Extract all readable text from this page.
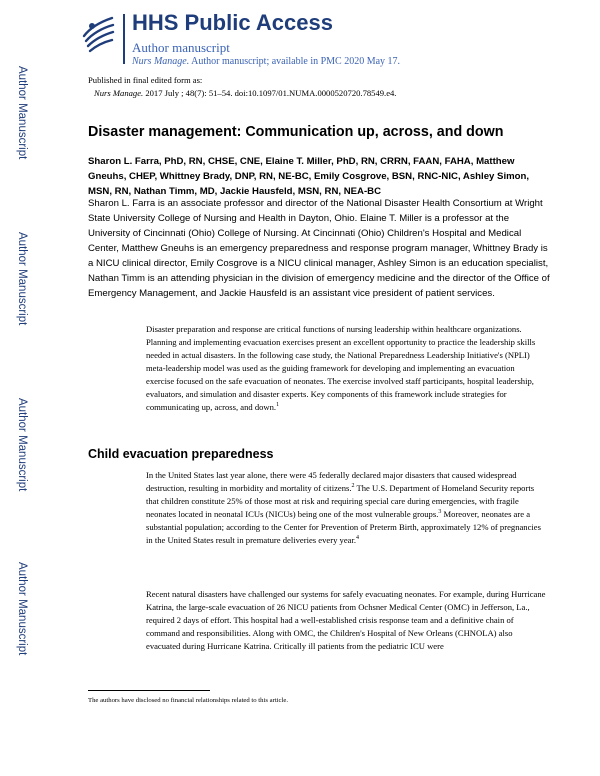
Author Manuscript
Author Manuscript
Author Manuscript
Author Manuscript
HHS Public Access
Author manuscript
Nurs Manage. Author manuscript; available in PMC 2020 May 17.
Published in final edited form as:
Nurs Manage. 2017 July ; 48(7): 51–54. doi:10.1097/01.NUMA.0000520720.78549.e4.
Disaster management: Communication up, across, and down
Sharon L. Farra, PhD, RN, CHSE, CNE, Elaine T. Miller, PhD, RN, CRRN, FAAN, FAHA, Matthew Gneuhs, CHEP, Whittney Brady, DNP, RN, NE-BC, Emily Cosgrove, BSN, RNC-NIC, Ashley Simon, MSN, RN, Nathan Timm, MD, Jackie Hausfeld, MSN, RN, NEA-BC
Sharon L. Farra is an associate professor and director of the National Disaster Health Consortium at Wright State University College of Nursing and Health in Dayton, Ohio. Elaine T. Miller is a professor at the University of Cincinnati (Ohio) College of Nursing. At Cincinnati (Ohio) Children's Hospital and Medical Center, Matthew Gneuhs is an emergency preparedness and response program manager, Whittney Brady is a NICU clinical director, Emily Cosgrove is a NICU clinical manager, Ashley Simon is an education specialist, Nathan Timm is an attending physician in the division of emergency medicine and the director of the Office of Emergency Management, and Jackie Hausfeld is an assistant vice president of patient services.
Disaster preparation and response are critical functions of nursing leadership within healthcare organizations. Planning and implementing evacuation exercises present an excellent opportunity to practice the leadership skills needed in actual disasters. In the following case study, the National Preparedness Leadership Initiative's (NPLI) meta-leadership model was used as the guiding framework for developing and implementing an evacuation exercise focused on the safe evacuation of neonates. The exercise involved staff participants, hospital leadership, evaluators, and simulation and disaster experts. Key components of this framework include strategies for communicating up, across, and down.$^1$
Child evacuation preparedness
In the United States last year alone, there were 45 federally declared major disasters that caused widespread destruction, resulting in morbidity and mortality of citizens.$^2$ The U.S. Department of Homeland Security reports that children constitute 25% of those most at risk and requiring special care during emergencies, with fragile neonates located in neonatal ICUs (NICUs) being one of the most vulnerable groups.$^3$ Moreover, neonates are a substantial population; according to the Center for Prevention of Preterm Birth, approximately 12% of pregnancies in the United States result in premature deliveries every year.$^4$
Recent natural disasters have challenged our systems for safely evacuating neonates. For example, during Hurricane Katrina, the large-scale evacuation of 26 NICU patients from Ochsner Medical Center (OMC) in Jefferson, La., required 2 days of effort. This hospital had a well-established crisis response team and a definitive chain of command and responsibilities. Along with OMC, the Children's Hospital of New Orleans (CHNOLA) also evacuated during Hurricane Katrina. Critically ill patients from the pediatric ICU were
The authors have disclosed no financial relationships related to this article.
